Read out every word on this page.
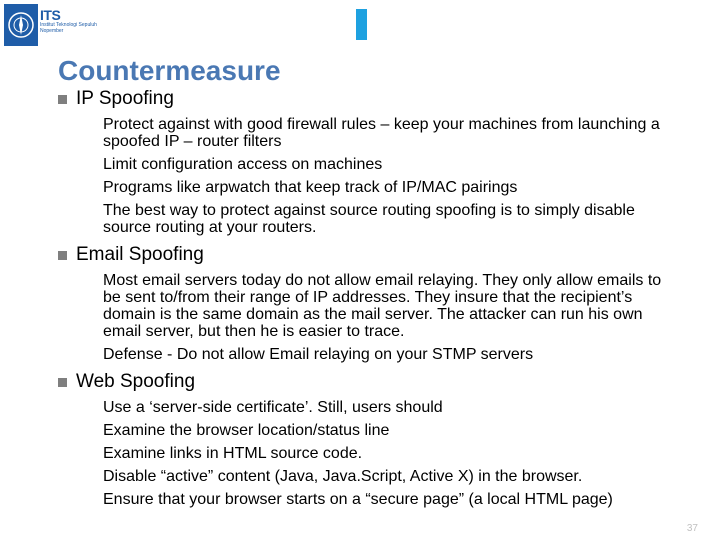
ITS
Institut Teknologi Sepuluh Nopember
Countermeasure
IP Spoofing
Protect against with good firewall rules – keep your machines from launching a spoofed IP – router filters
Limit configuration access on machines
Programs like arpwatch that keep track of IP/MAC pairings
The best way to protect against source routing spoofing is to simply disable source routing at your routers.
Email Spoofing
Most email servers today do not allow email relaying. They only allow emails to be sent to/from their range of IP addresses. They insure that the recipient’s domain is the same domain as the mail server. The attacker can run his own email server, but then he is easier to trace.
Defense - Do not allow Email relaying on your STMP servers
Web Spoofing
Use a ‘server-side certificate’. Still, users should
Examine the browser location/status line
Examine links in HTML source code.
Disable “active” content (Java, Java.Script, Active X) in the browser.
Ensure that your browser starts on a “secure page” (a local HTML page)
37
